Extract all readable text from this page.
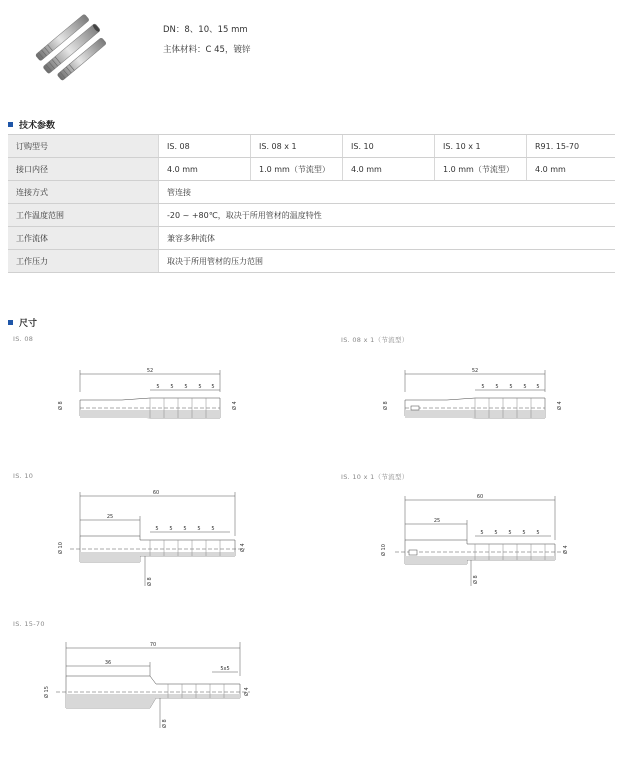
DN：8、10、15 mm
主体材料：C 45，镀锌
技术参数
订购型号	IS. 08	IS. 08 x 1	IS. 10	IS. 10 x 1	R91. 15-70
接口内径	4.0 mm	1.0 mm（节流型）	4.0 mm	1.0 mm（节流型）	4.0 mm
连接方式	管连接				
工作温度范围	-20 ~ +80℃，取决于所用管材的温度特性				
工作流体	兼容多种流体				
工作压力	取决于所用管材的压力范围				
尺寸
IS. 08	IS. 08 x 1（节流型）
IS. 10	IS. 10 x 1（节流型）
IS. 15-70
52
5 5 5 5 5
Ø 8	Ø 4
52
5 5 5 5 5
Ø 8	Ø 4
60
25
5 5 5 5 5
Ø 10	Ø 4
Ø 8
60
25
5 5 5 5 5
Ø 10	Ø 4
Ø 8
70
36
5x5
Ø 15	Ø 4
Ø 8
